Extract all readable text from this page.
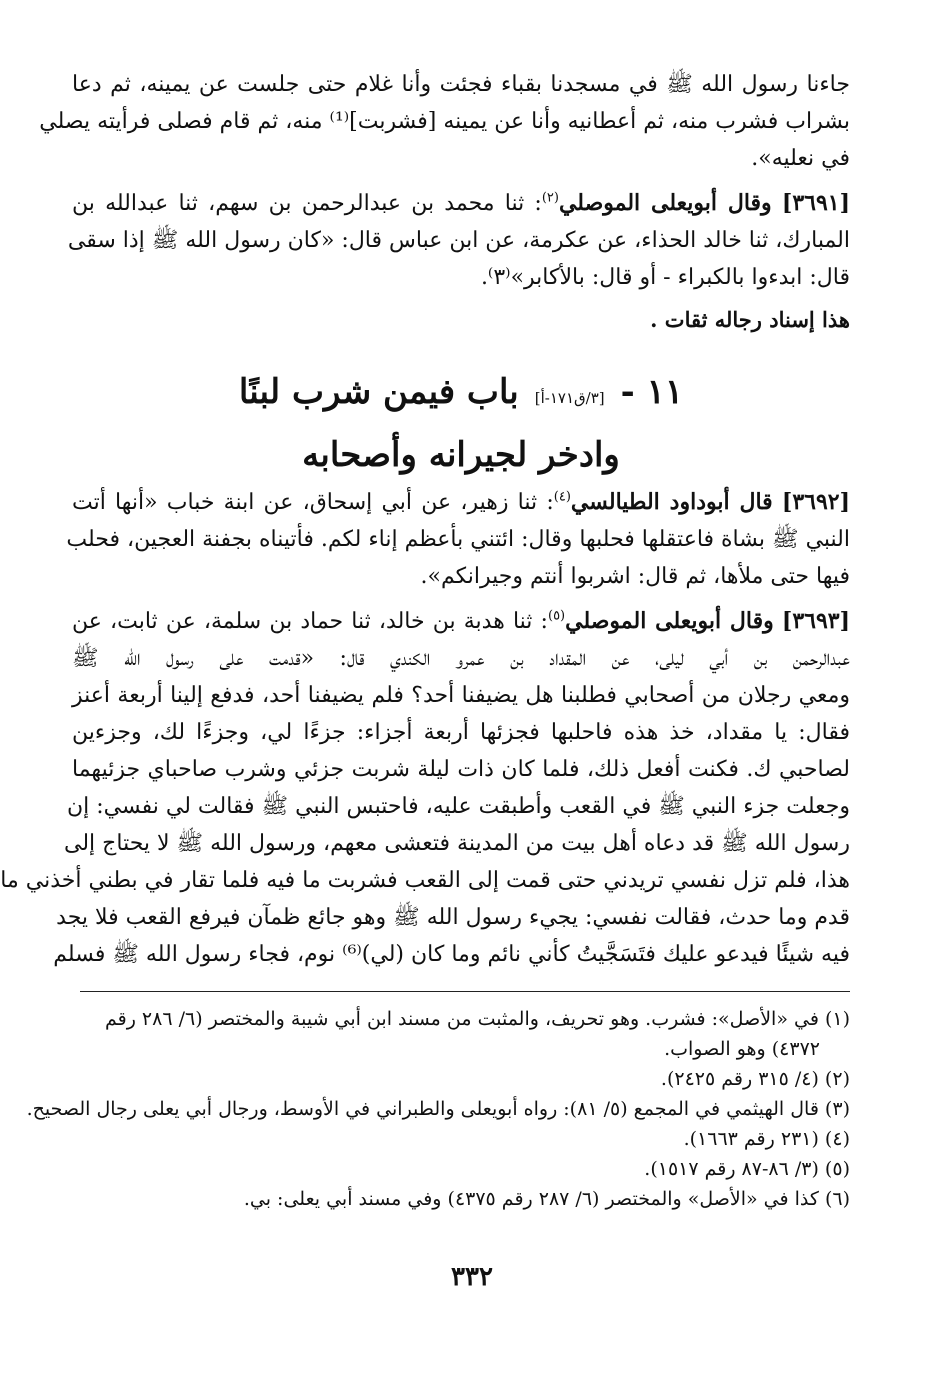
جاءنا رسول الله ﷺ في مسجدنا بقباء فجئت وأنا غلام حتى جلست عن يمينه، ثم دعا
بشراب فشرب منه، ثم أعطانيه وأنا عن يمينه [فشربت]⁽¹⁾ منه، ثم قام فصلى فرأيته يصلي
في نعليه».
[٣٦٩١] وقال أبويعلى الموصلي$^{(٢)}$: ثنا محمد بن عبدالرحمن بن سهم، ثنا عبدالله بن
المبارك، ثنا خالد الحذاء، عن عكرمة، عن ابن عباس قال: «كان رسول الله ﷺ إذا سقى
قال: ابدءوا بالكبراء - أو قال: بالأكابر»⁽٣⁾.
هذا إسناد رجاله ثقات .
١١ -
[٣/ق١٧١-أ]
باب فيمن شرب لبنًا
وادخر لجيرانه وأصحابه
[٣٦٩٢] قال أبوداود الطيالسي$^{(٤)}$: ثنا زهير، عن أبي إسحاق، عن ابنة خباب «أنها أتت
النبي ﷺ بشاة فاعتقلها فحلبها وقال: ائتني بأعظم إناء لكم. فأتيناه بجفنة العجين، فحلب
فيها حتى ملأها، ثم قال: اشربوا أنتم وجيرانكم».
[٣٦٩٣] وقال أبويعلى الموصلي$^{(٥)}$: ثنا هدبة بن خالد، ثنا حماد بن سلمة، عن ثابت، عن
عبدالرحمن بن أبي ليلى، عن المقداد بن عمرو الكندي قال: «قدمت على رسول الله ﷺ
ومعي رجلان من أصحابي فطلبنا هل يضيفنا أحد؟ فلم يضيفنا أحد، فدفع إلينا أربعة أعنز
فقال: يا مقداد، خذ هذه فاحلبها فجزئها أربعة أجزاء: جزءًا لي، وجزءًا لك، وجزءين
لصاحبي ك. فكنت أفعل ذلك، فلما كان ذات ليلة شربت جزئي وشرب صاحباي جزئيهما
وجعلت جزء النبي ﷺ في القعب وأطبقت عليه، فاحتبس النبي ﷺ فقالت لي نفسي: إن
رسول الله ﷺ قد دعاه أهل بيت من المدينة فتعشى معهم، ورسول الله ﷺ لا يحتاج إلى
هذا، فلم تزل نفسي تريدني حتى قمت إلى القعب فشربت ما فيه فلما تقار في بطني أخذني ما
قدم وما حدث، فقالت نفسي: يجيء رسول الله ﷺ وهو جائع ظمآن فيرفع القعب فلا يجد
فيه شيئًا فيدعو عليك فتَسَجَّيتُ كأني نائم وما كان (لي)⁽⁶⁾ نوم، فجاء رسول الله ﷺ فسلم
(١) في «الأصل»: فشرب. وهو تحريف، والمثبت من مسند ابن أبي شيبة والمختصر (٦/ ٢٨٦ رقم
٤٣٧٢) وهو الصواب.
(٢) (٤/ ٣١٥ رقم ٢٤٢٥).
(٣) قال الهيثمي في المجمع (٥/ ٨١): رواه أبويعلى والطبراني في الأوسط، ورجال أبي يعلى رجال الصحيح.
(٤) (٢٣١ رقم ١٦٦٣).
(٥) (٣/ ٨٦-٨٧ رقم ١٥١٧).
(٦) كذا في «الأصل» والمختصر (٦/ ٢٨٧ رقم ٤٣٧٥) وفي مسند أبي يعلى: بي.
٣٣٢
